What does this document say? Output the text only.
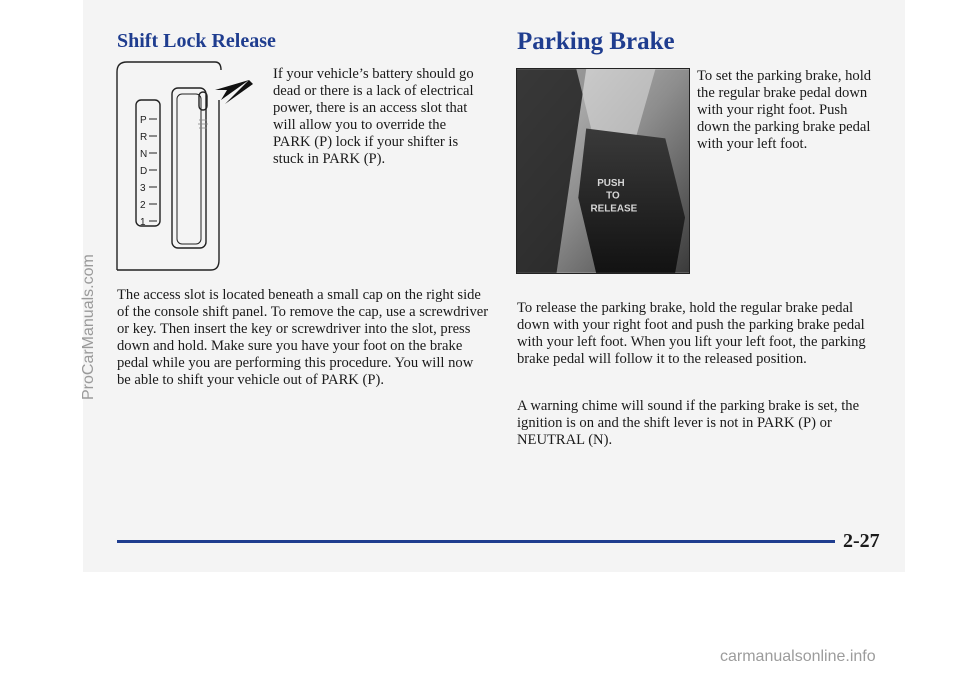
Shift Lock Release
P
R
N
D
3
2
1

If your vehicle’s battery should go dead or there is a lack of electrical power, there is an access slot that will allow you to override the PARK (P) lock if your shifter is stuck in PARK (P).

The access slot is located beneath a small cap on the right side of the console shift panel. To remove the cap, use a screwdriver or key. Then insert the key or screwdriver into the slot, press down and hold. Make sure you have your foot on the brake pedal while you are performing this procedure. You will now be able to shift your vehicle out of PARK (P).

Parking Brake
PUSH
TO
RELEASE

To set the parking brake, hold the regular brake pedal down with your right foot. Push down the parking brake pedal with your left foot.

To release the parking brake, hold the regular brake pedal down with your right foot and push the parking brake pedal with your left foot. When you lift your left foot, the parking brake pedal will follow it to the released position.

A warning chime will sound if the parking brake is set, the ignition is on and the shift lever is not in PARK (P) or NEUTRAL (N).

2-27

ProCarManuals.com
carmanualsonline.info
